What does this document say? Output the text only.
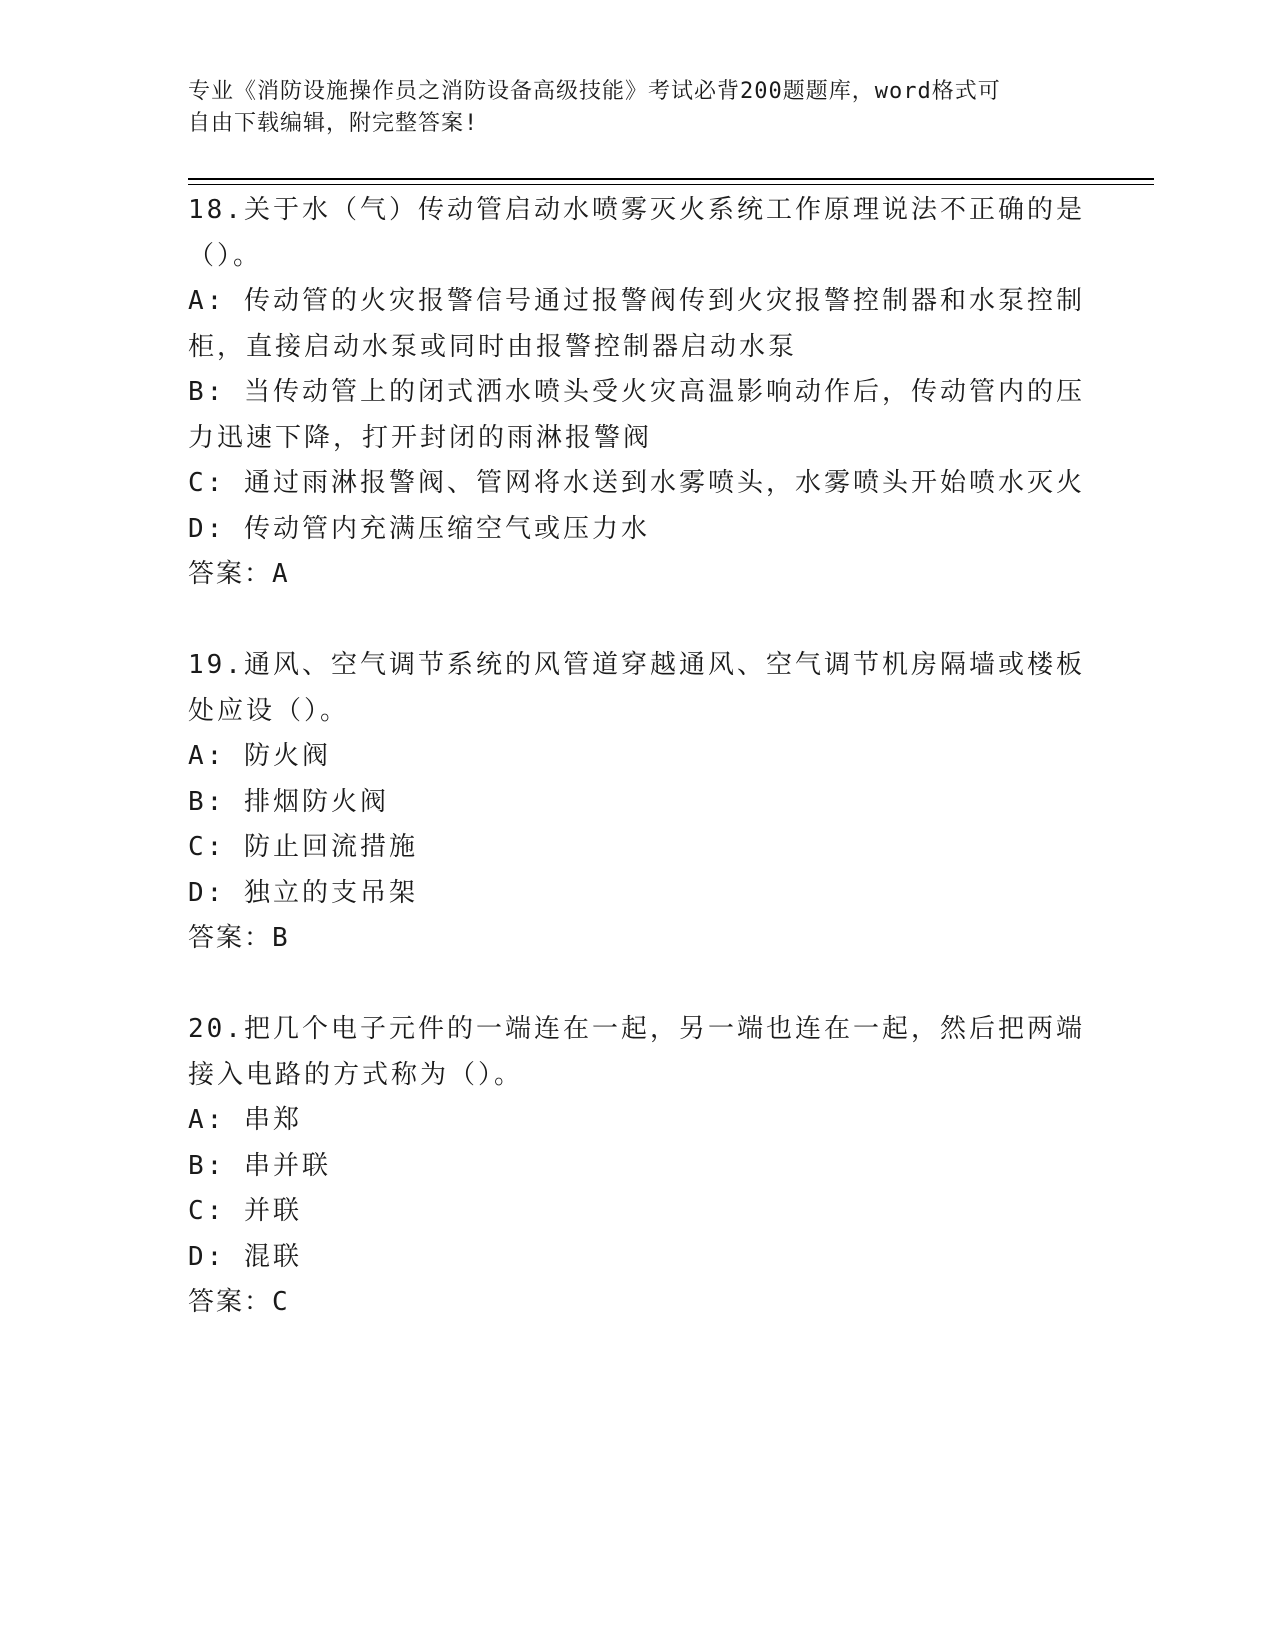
专业《消防设施操作员之消防设备高级技能》考试必背200题题库，word格式可
自由下载编辑，附完整答案!
18.关于水（气）传动管启动水喷雾灭火系统工作原理说法不正确的是
（）。
A: 传动管的火灾报警信号通过报警阀传到火灾报警控制器和水泵控制
柜，直接启动水泵或同时由报警控制器启动水泵
B: 当传动管上的闭式洒水喷头受火灾高温影响动作后，传动管内的压
力迅速下降，打开封闭的雨淋报警阀
C: 通过雨淋报警阀、管网将水送到水雾喷头，水雾喷头开始喷水灭火
D: 传动管内充满压缩空气或压力水
答案：A
19.通风、空气调节系统的风管道穿越通风、空气调节机房隔墙或楼板
处应设（）。
A: 防火阀
B: 排烟防火阀
C: 防止回流措施
D: 独立的支吊架
答案：B
20.把几个电子元件的一端连在一起，另一端也连在一起，然后把两端
接入电路的方式称为（）。
A: 串郑
B: 串并联
C: 并联
D: 混联
答案：C
